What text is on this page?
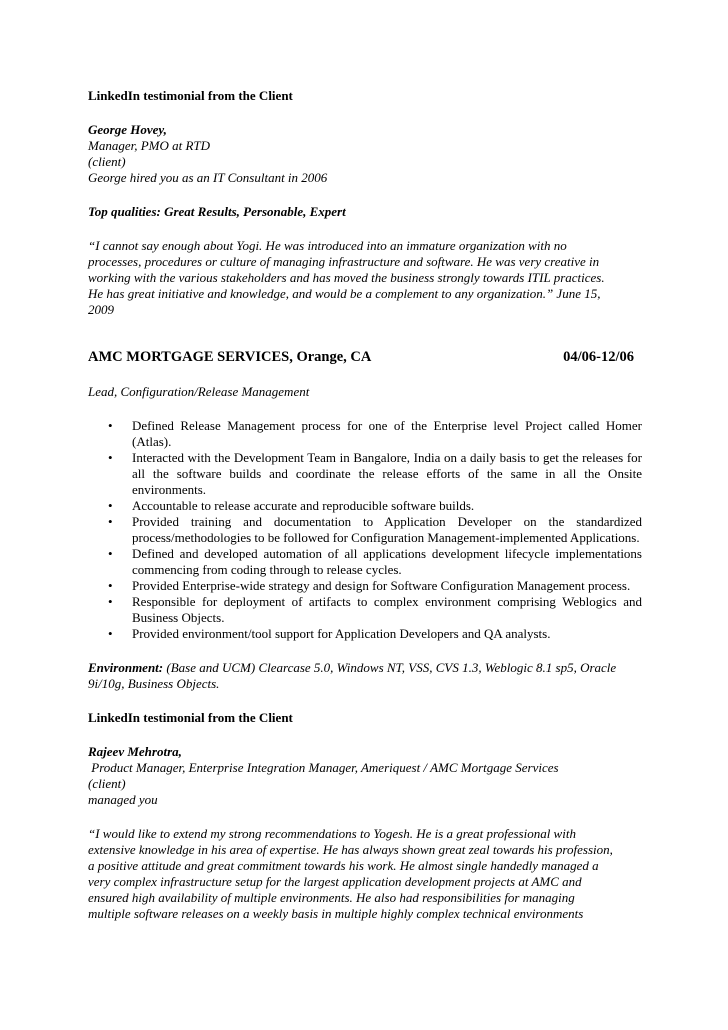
LinkedIn testimonial from the Client

George Hovey,

Manager, PMO at RTD

(client)

George hired you as an IT Consultant in 2006

Top qualities: Great Results, Personable, Expert

“I cannot say enough about Yogi. He was introduced into an immature organization with no
processes, procedures or culture of managing infrastructure and software. He was very creative in
working with the various stakeholders and has moved the business strongly towards ITIL practices.
He has great initiative and knowledge, and would be a complement to any organization.” June 15,
2009
AMC MORTGAGE SERVICES, Orange, CA	04/06-12/06

Lead, Configuration/Release Management

• Defined Release Management process for one of the Enterprise level Project called Homer (Atlas).
• Interacted with the Development Team in Bangalore, India on a daily basis to get the releases for all the software builds and coordinate the release efforts of the same in all the Onsite environments.
• Accountable to release accurate and reproducible software builds.
• Provided training and documentation to Application Developer on the standardized process/methodologies to be followed for Configuration Management-implemented Applications.
• Defined and developed automation of all applications development lifecycle implementations commencing from coding through to release cycles.
• Provided Enterprise-wide strategy and design for Software Configuration Management process.
• Responsible for deployment of artifacts to complex environment comprising Weblogics and Business Objects.
• Provided environment/tool support for Application Developers and QA analysts.
Environment: (Base and UCM) Clearcase 5.0, Windows NT, VSS, CVS 1.3, Weblogic 8.1 sp5, Oracle
9i/10g, Business Objects.

LinkedIn testimonial from the Client

Rajeev Mehrotra,

Product Manager, Enterprise Integration Manager, Ameriquest / AMC Mortgage Services

(client)

managed you

“I would like to extend my strong recommendations to Yogesh. He is a great professional with
extensive knowledge in his area of expertise. He has always shown great zeal towards his profession,
a positive attitude and great commitment towards his work. He almost single handedly managed a
very complex infrastructure setup for the largest application development projects at AMC and
ensured high availability of multiple environments. He also had responsibilities for managing
multiple software releases on a weekly basis in multiple highly complex technical environments
